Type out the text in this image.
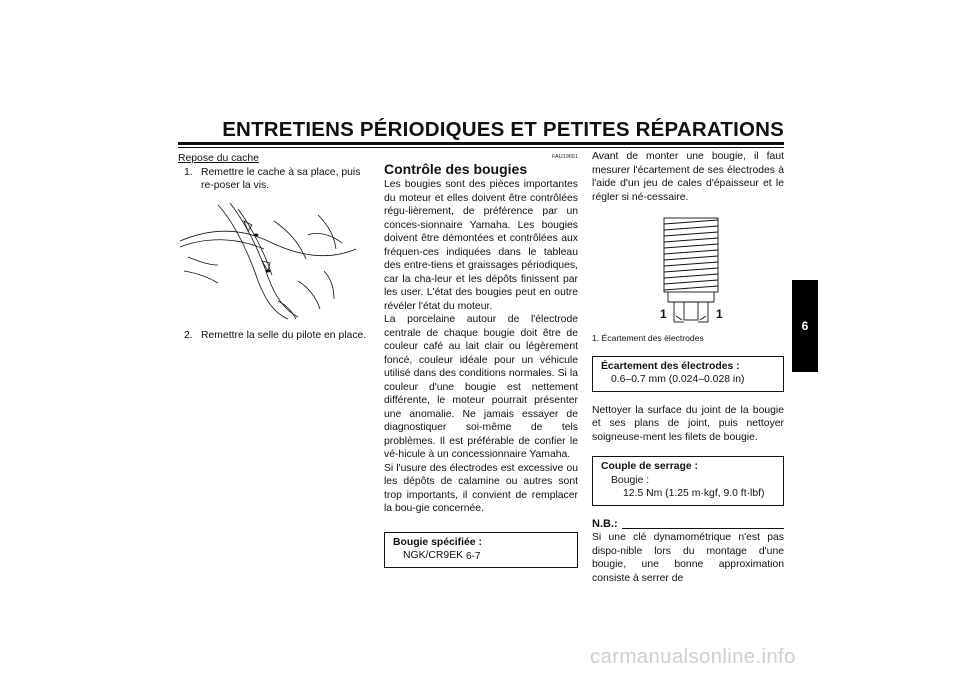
ENTRETIENS PÉRIODIQUES ET PETITES RÉPARATIONS
Repose du cache
1. Remettre le cache à sa place, puis re-poser la vis.
2. Remettre la selle du pilote en place.
FAU19651
Contrôle des bougies
Les bougies sont des pièces importantes du moteur et elles doivent être contrôlées régu-lièrement, de préférence par un conces-sionnaire Yamaha. Les bougies doivent être démontées et contrôlées aux fréquen-ces indiquées dans le tableau des entre-tiens et graissages périodiques, car la cha-leur et les dépôts finissent par les user. L'état des bougies peut en outre révéler l'état du moteur.
La porcelaine autour de l'électrode centrale de chaque bougie doit être de couleur café au lait clair ou légèrement foncé, couleur idéale pour un véhicule utilisé dans des conditions normales. Si la couleur d'une bougie est nettement différente, le moteur pourrait présenter une anomalie. Ne jamais essayer de diagnostiquer soi-même de tels problèmes. Il est préférable de confier le vé-hicule à un concessionnaire Yamaha.
Si l'usure des électrodes est excessive ou les dépôts de calamine ou autres sont trop importants, il convient de remplacer la bou-gie concernée.
Bougie spécifiée :
NGK/CR9EK
Avant de monter une bougie, il faut mesurer l'écartement de ses électrodes à l'aide d'un jeu de cales d'épaisseur et le régler si né-cessaire.
1	1
1. Écartement des électrodes
Écartement des électrodes :
0.6–0.7 mm (0.024–0.028 in)
Nettoyer la surface du joint de la bougie et ses plans de joint, puis nettoyer soigneuse-ment les filets de bougie.
Couple de serrage :
Bougie :
12.5 Nm (1.25 m·kgf, 9.0 ft·lbf)
N.B.:
Si une clé dynamométrique n'est pas dispo-nible lors du montage d'une bougie, une bonne approximation consiste à serrer de
6
6-7
carmanualsonline.info
